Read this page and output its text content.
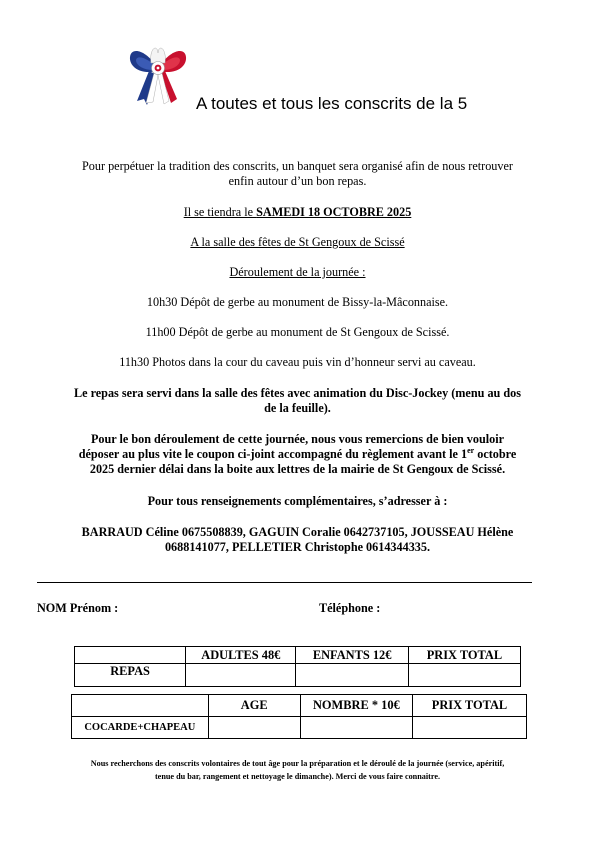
A toutes et tous les conscrits de la 5
Pour perpétuer la tradition des conscrits, un banquet sera organisé afin de nous retrouver
enfin autour d’un bon repas.
Il se tiendra le SAMEDI 18 OCTOBRE 2025
A la salle des fêtes de St Gengoux de Scissé
Déroulement de la journée :
10h30 Dépôt de gerbe au monument de Bissy-la-Mâconnaise.
11h00 Dépôt de gerbe au monument de St Gengoux de Scissé.
11h30 Photos dans la cour du caveau puis vin d’honneur servi au caveau.
Le repas sera servi dans la salle des fêtes avec animation du Disc-Jockey (menu au dos
de la feuille).
Pour le bon déroulement de cette journée, nous vous remercions de bien vouloir
déposer au plus vite le coupon ci-joint accompagné du règlement avant le 1er octobre
2025 dernier délai dans la boite aux lettres de la mairie de St Gengoux de Scissé.
Pour tous renseignements complémentaires, s’adresser à :
BARRAUD Céline 0675508839, GAGUIN Coralie 0642737105, JOUSSEAU Hélène
0688141077, PELLETIER Christophe 0614344335.
NOM Prénom :	Téléphone :
	ADULTES 48€	ENFANTS 12€	PRIX TOTAL
REPAS			
	AGE	NOMBRE * 10€	PRIX TOTAL
COCARDE+CHAPEAU			
Nous recherchons des conscrits volontaires de tout âge pour la préparation et le déroulé de la journée (service, apéritif,
tenue du bar, rangement et nettoyage le dimanche). Merci de vous faire connaitre.
